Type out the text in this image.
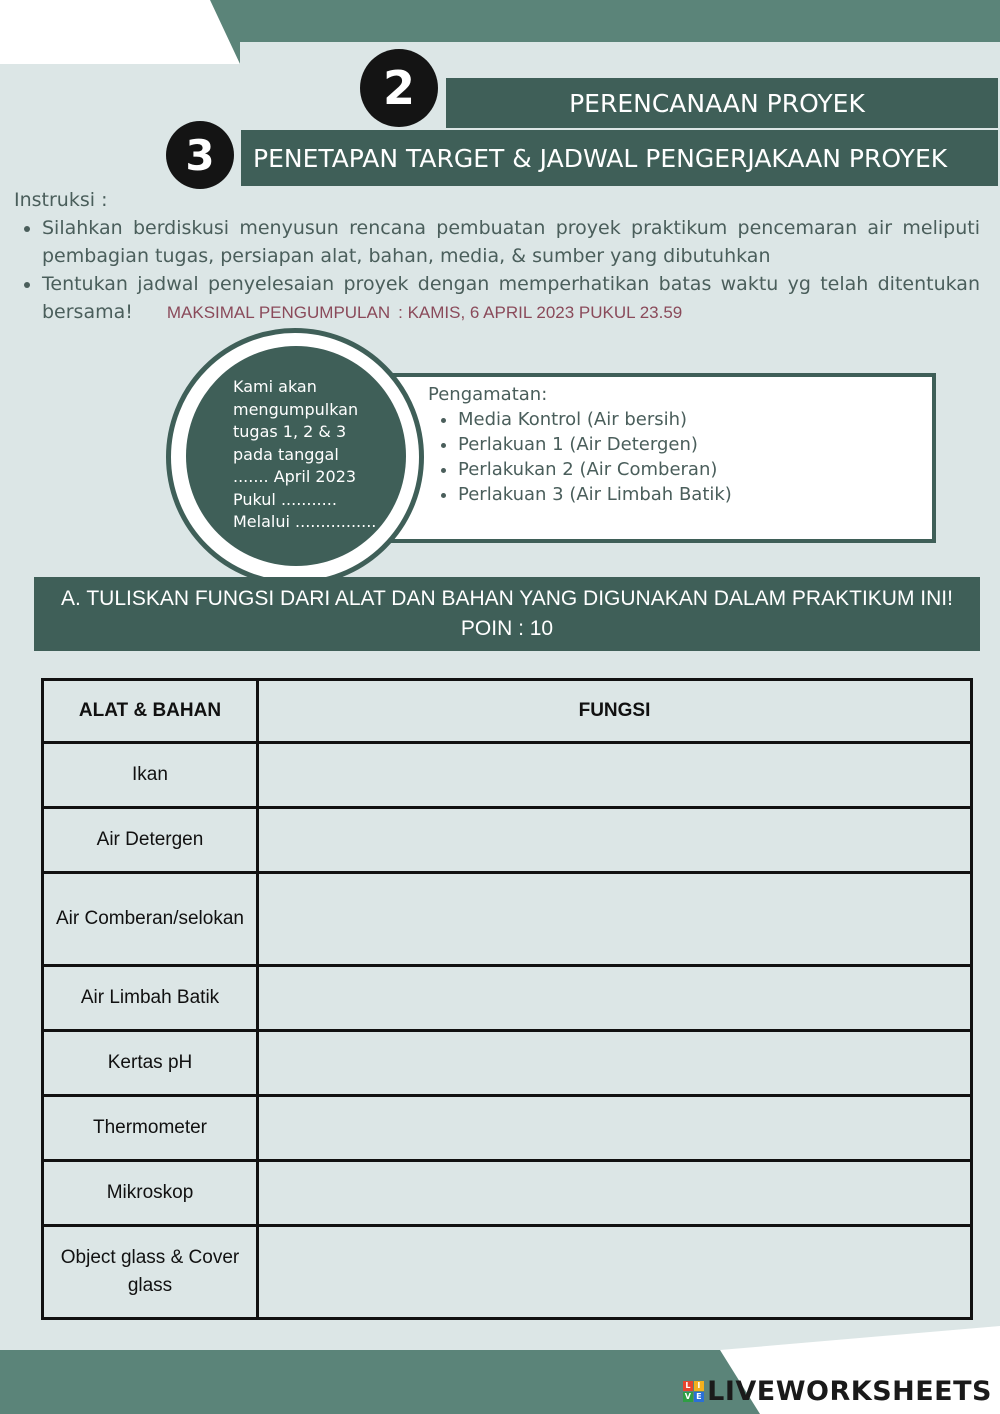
PERENCANAAN PROYEK
2
PENETAPAN TARGET & JADWAL PENGERJAKAAN PROYEK
3
Instruksi :
• Silahkan berdiskusi menyusun rencana pembuatan proyek praktikum pencemaran air meliputi pembagian tugas, persiapan alat, bahan, media, & sumber yang dibutuhkan
• Tentukan jadwal penyelesaian proyek dengan memperhatikan batas waktu yg telah ditentukan bersama! MAKSIMAL PENGUMPULAN : KAMIS, 6 APRIL 2023 PUKUL 23.59
Pengamatan:
• Media Kontrol (Air bersih)
• Perlakuan 1 (Air Detergen)
• Perlakukan 2 (Air Comberan)
• Perlakuan 3 (Air Limbah Batik)
Kami akan
mengumpulkan
tugas 1, 2 & 3
pada tanggal
....... April 2023
Pukul ...........
Melalui ................
A. TULISKAN FUNGSI DARI ALAT DAN BAHAN YANG DIGUNAKAN DALAM PRAKTIKUM INI!
POIN : 10
ALAT & BAHAN	FUNGSI
Ikan	
Air Detergen	
Air Comberan/selokan	
Air Limbah Batik	
Kertas pH	
Thermometer	
Mikroskop	
Object glass & Cover glass	
L I
V E LIVEWORKSHEETS
